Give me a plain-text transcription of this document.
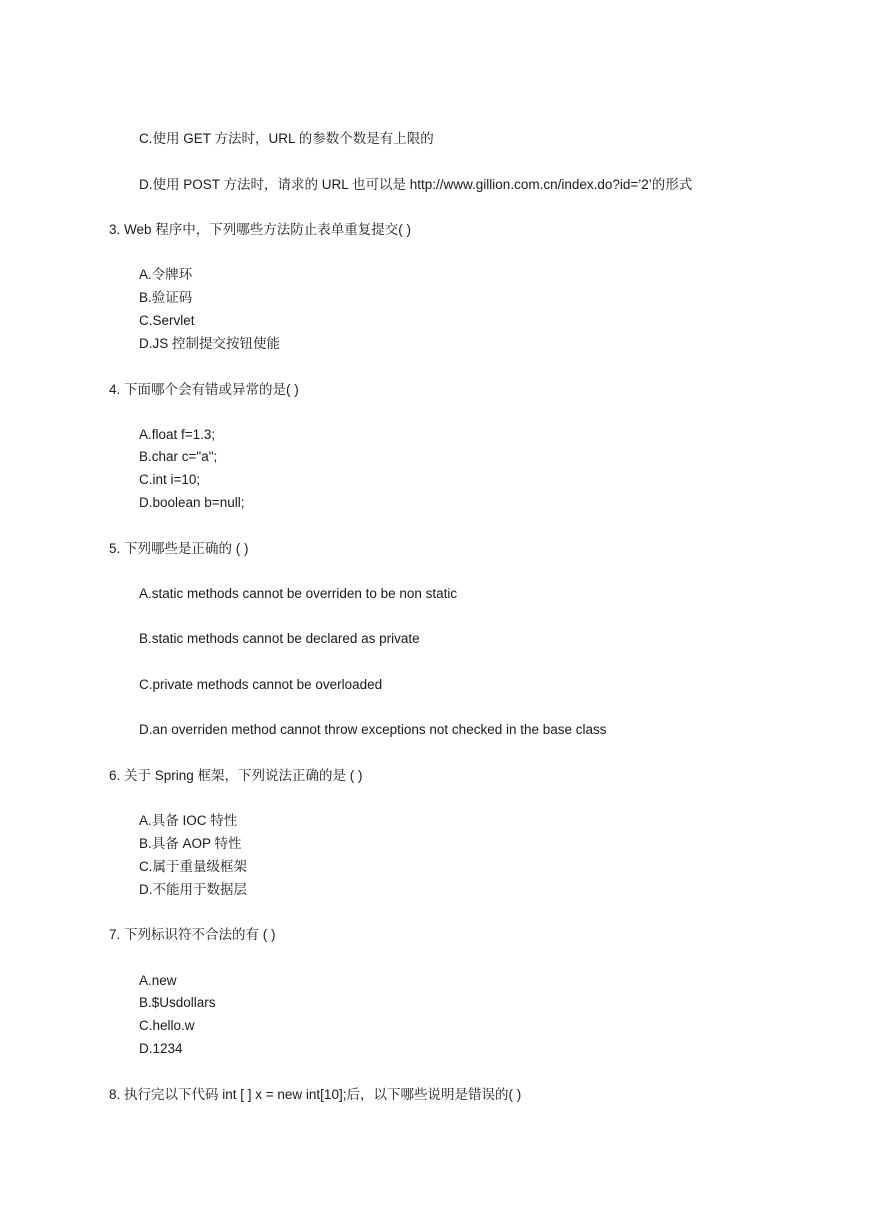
C.使用 GET 方法时，URL 的参数个数是有上限的
D.使用 POST 方法时，请求的 URL 也可以是 http://www.gillion.com.cn/index.do?id=’2’的形式
3. Web 程序中，下列哪些方法防止表单重复提交( )
A.令牌环
B.验证码
C.Servlet
D.JS 控制提交按钮使能
4. 下面哪个会有错或异常的是( )
A.float f=1.3;
B.char c="a";
C.int i=10;
D.boolean b=null;
5. 下列哪些是正确的 ( )
A.static methods cannot be overriden to be non static
B.static methods cannot be declared as private
C.private methods cannot be overloaded
D.an overriden method cannot throw exceptions not checked in the base class
6. 关于 Spring 框架，下列说法正确的是 ( )
A.具备 IOC 特性
B.具备 AOP 特性
C.属于重量级框架
D.不能用于数据层
7. 下列标识符不合法的有 ( )
A.new
B.$Usdollars
C.hello.w
D.1234
8. 执行完以下代码 int [ ] x = new int[10];后，以下哪些说明是错误的( )
